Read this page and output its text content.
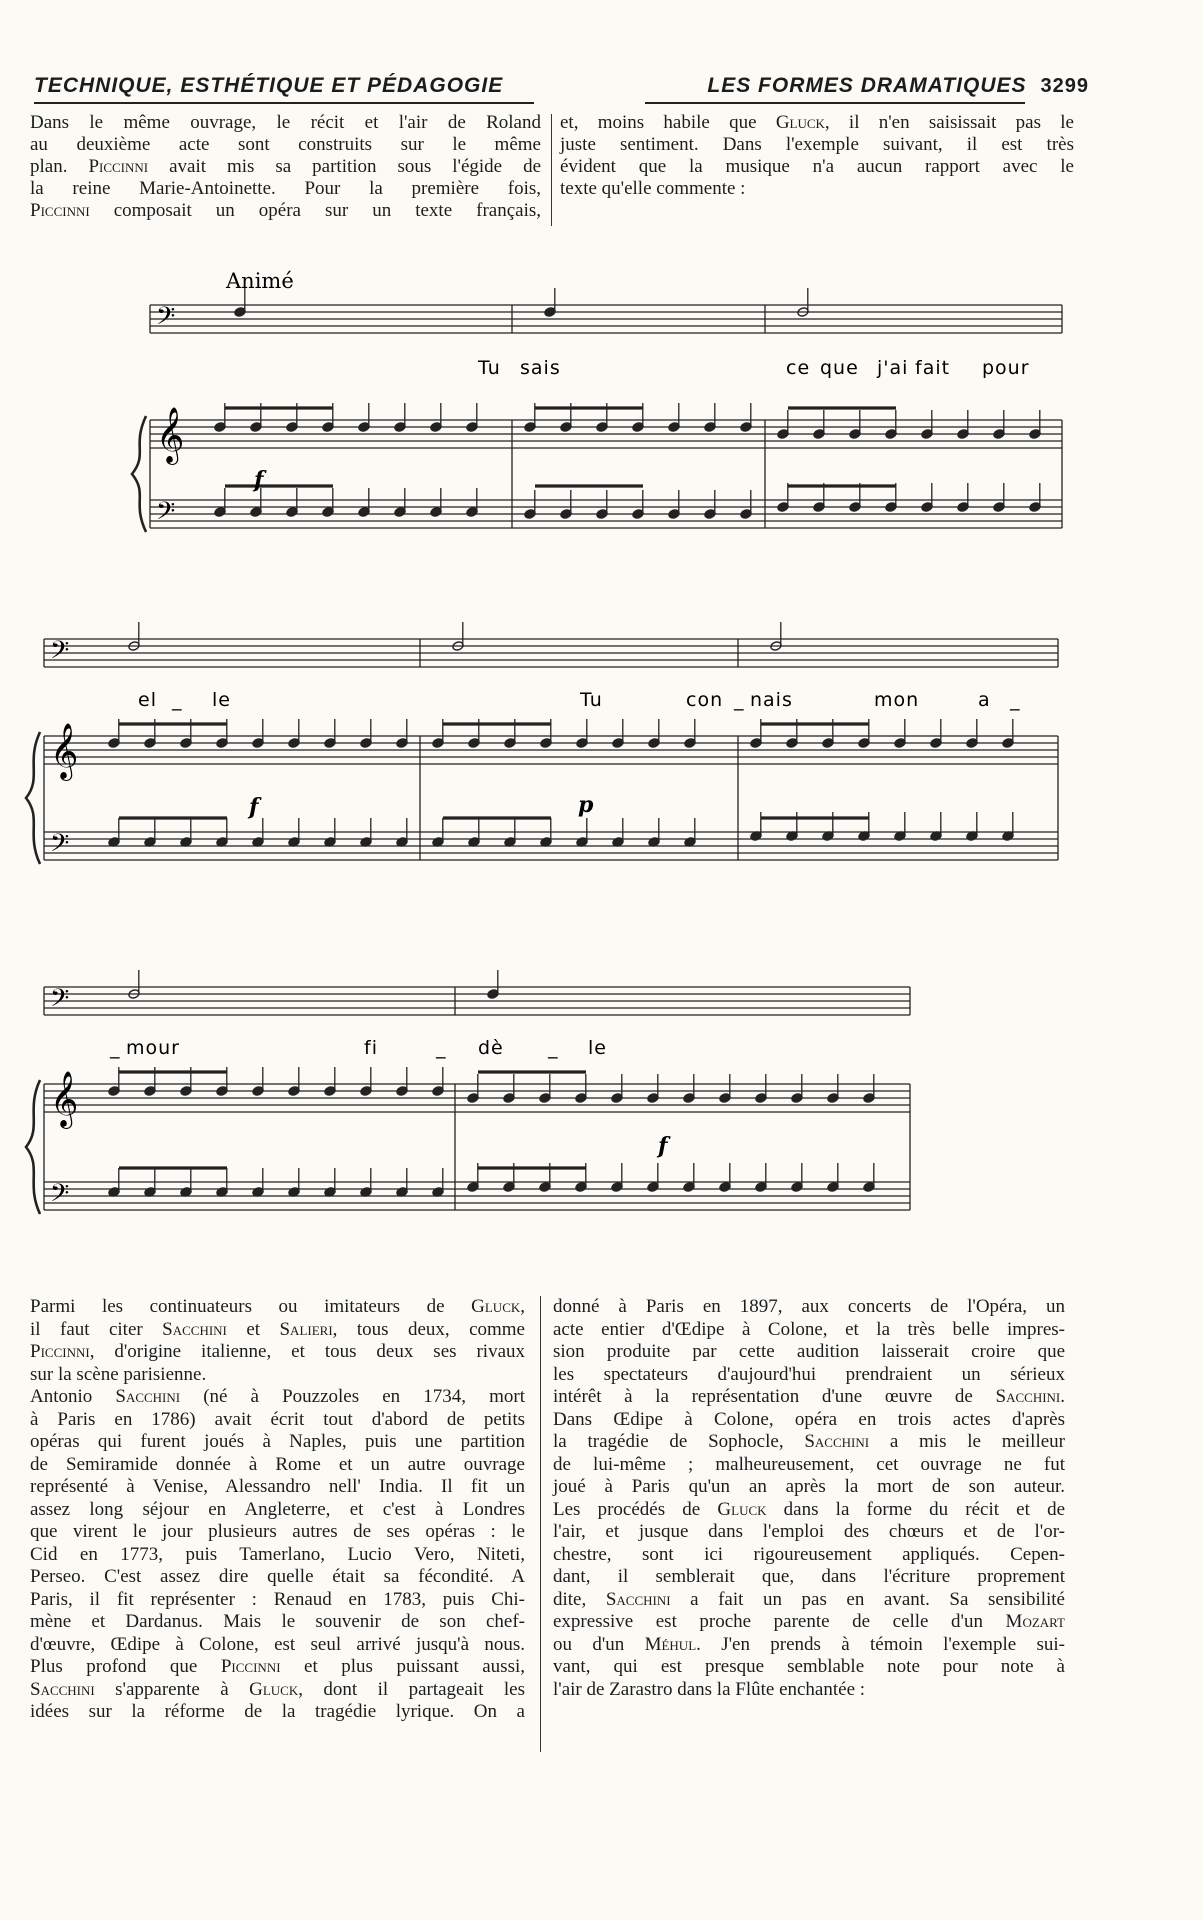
TECHNIQUE, ESTHÉTIQUE ET PÉDAGOGIE	LES FORMES DRAMATIQUES 3299
Dans le même ouvrage, le récit et l'air de Roland
au deuxième acte sont construits sur le même
plan. Piccinni avait mis sa partition sous l'égide de
la reine Marie-Antoinette. Pour la première fois,
Piccinni composait un opéra sur un texte français,
et, moins habile que Gluck, il n'en saisissait pas le
juste sentiment. Dans l'exemple suivant, il est très
évident que la musique n'a aucun rapport avec le
texte qu'elle commente :
𝄢
𝄞
𝄢
𝄢
𝄞
𝄢
𝄢
𝄞
𝄢
Animé
f
f	p
f
Tu sais	ce que j'ai fait pour
el _ le	Tu	con _ nais	mon	a _
_ mour	fi	_ dè _ le
Parmi les continuateurs ou imitateurs de Gluck,
il faut citer Sacchini et Salieri, tous deux, comme
Piccinni, d'origine italienne, et tous deux ses rivaux
sur la scène parisienne.
Antonio Sacchini (né à Pouzzoles en 1734, mort
à Paris en 1786) avait écrit tout d'abord de petits
opéras qui furent joués à Naples, puis une partition
de Semiramide donnée à Rome et un autre ouvrage
représenté à Venise, Alessandro nell' India. Il fit un
assez long séjour en Angleterre, et c'est à Londres
que virent le jour plusieurs autres de ses opéras : le
Cid en 1773, puis Tamerlano, Lucio Vero, Niteti,
Perseo. C'est assez dire quelle était sa fécondité. A
Paris, il fit représenter : Renaud en 1783, puis Chi-
mène et Dardanus. Mais le souvenir de son chef-
d'œuvre, Œdipe à Colone, est seul arrivé jusqu'à nous.
Plus profond que Piccinni et plus puissant aussi,
Sacchini s'apparente à Gluck, dont il partageait les
idées sur la réforme de la tragédie lyrique. On a
donné à Paris en 1897, aux concerts de l'Opéra, un
acte entier d'Œdipe à Colone, et la très belle impres-
sion produite par cette audition laisserait croire que
les spectateurs d'aujourd'hui prendraient un sérieux
intérêt à la représentation d'une œuvre de Sacchini.
Dans Œdipe à Colone, opéra en trois actes d'après
la tragédie de Sophocle, Sacchini a mis le meilleur
de lui-même ; malheureusement, cet ouvrage ne fut
joué à Paris qu'un an après la mort de son auteur.
Les procédés de Gluck dans la forme du récit et de
l'air, et jusque dans l'emploi des chœurs et de l'or-
chestre, sont ici rigoureusement appliqués. Cepen-
dant, il semblerait que, dans l'écriture proprement
dite, Sacchini a fait un pas en avant. Sa sensibilité
expressive est proche parente de celle d'un Mozart
ou d'un Méhul. J'en prends à témoin l'exemple sui-
vant, qui est presque semblable note pour note à
l'air de Zarastro dans la Flûte enchantée :
